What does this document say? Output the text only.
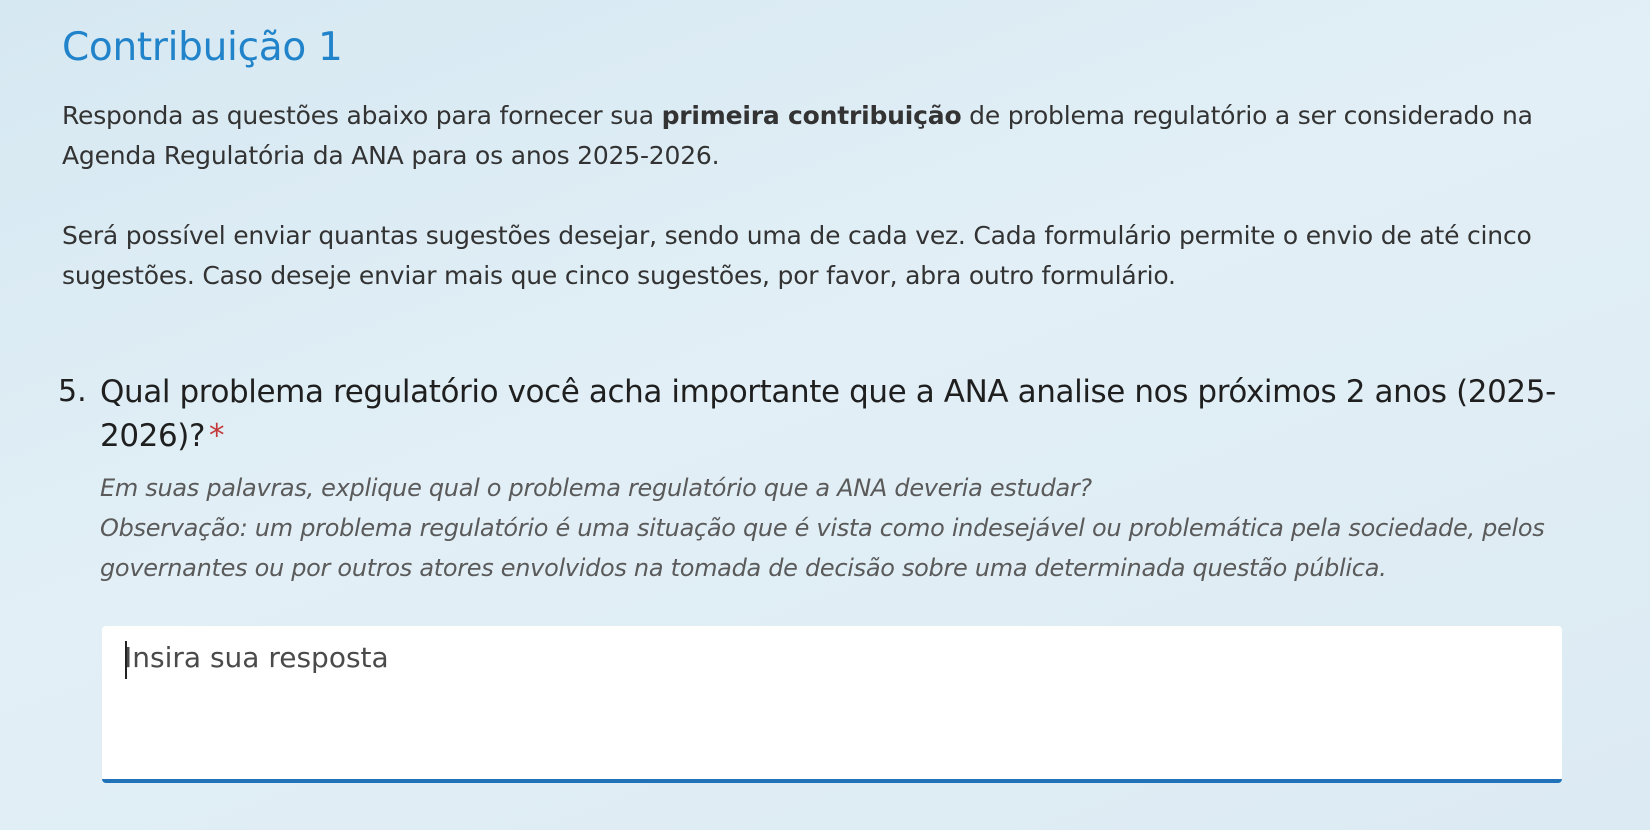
Contribuição 1

Responda as questões abaixo para fornecer sua primeira contribuição de problema regulatório a ser considerado na Agenda Regulatória da ANA para os anos 2025-2026.

Será possível enviar quantas sugestões desejar, sendo uma de cada vez. Cada formulário permite o envio de até cinco sugestões. Caso deseje enviar mais que cinco sugestões, por favor, abra outro formulário.

5. Qual problema regulatório você acha importante que a ANA analise nos próximos 2 anos (2025-2026)? *

Em suas palavras, explique qual o problema regulatório que a ANA deveria estudar?

Observação: um problema regulatório é uma situação que é vista como indesejável ou problemática pela sociedade, pelos governantes ou por outros atores envolvidos na tomada de decisão sobre uma determinada questão pública.

Insira sua resposta
